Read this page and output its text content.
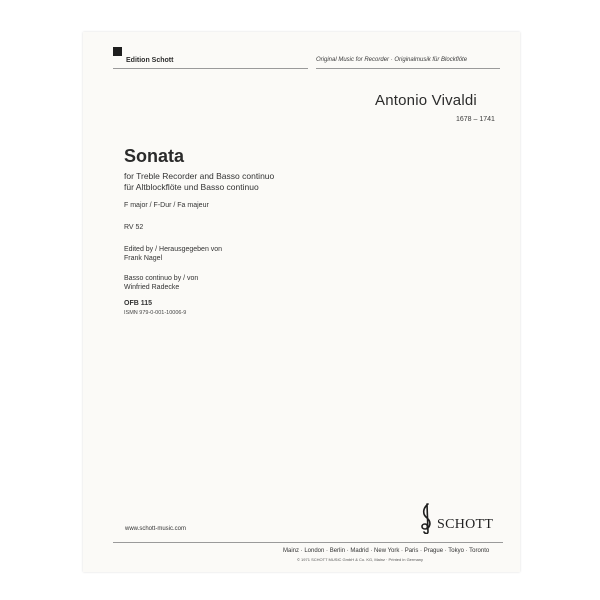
Edition Schott	Original Music for Recorder · Originalmusik für Blockflöte
Antonio Vivaldi
1678 – 1741
Sonata
for Treble Recorder and Basso continuo
für Altblockflöte und Basso continuo
F major / F-Dur / Fa majeur
RV 52
Edited by / Herausgegeben von
Frank Nagel
Basso continuo by / von
Winfried Radecke
OFB 115
ISMN 979-0-001-10006-9
SCHOTT
www.schott-music.com
Mainz · London · Berlin · Madrid · New York · Paris · Prague · Tokyo · Toronto
© 1971 SCHOTT MUSIC GmbH & Co. KG, Mainz · Printed in Germany
